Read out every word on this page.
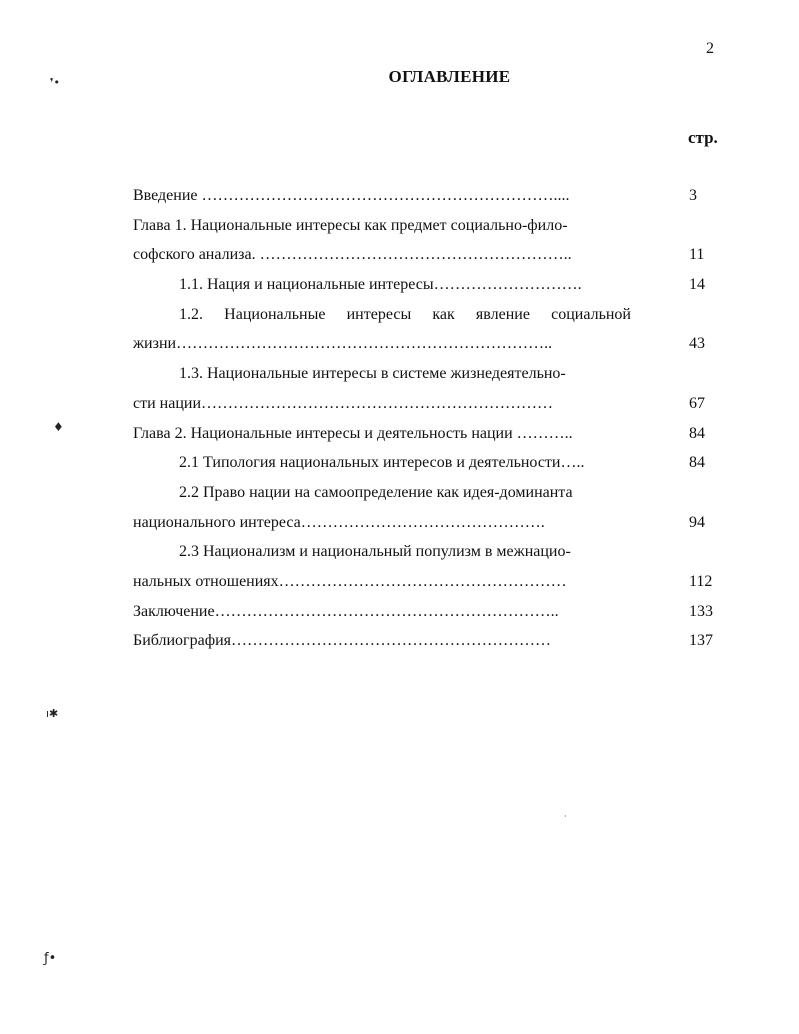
2
ОГЛАВЛЕНИЕ
стр.
Введение …………………………………………………………....	3
Глава 1. Национальные интересы как предмет социально-фило-
софского анализа. …………………………………………………..	11
1.1. Нация и национальные интересы……………………….	14
1.2. Национальные интересы как явление социальной
жизни……………………………………………………………..	43
1.3. Национальные интересы в системе жизнедеятельно-
сти нации…………………………………………………………	67
Глава 2. Национальные интересы и деятельность нации ………..	84
2.1 Типология национальных интересов и деятельности…..	84
2.2 Право нации на самоопределение как идея-доминанта
национального интереса……………………………………….	94
2.3 Национализм и национальный популизм в межнацио-
нальных отношениях………………………………………………	112
Заключение………………………………………………………..	133
Библиография……………………………………………………	137
❜•
♦
ı✱
ƒ•
·
